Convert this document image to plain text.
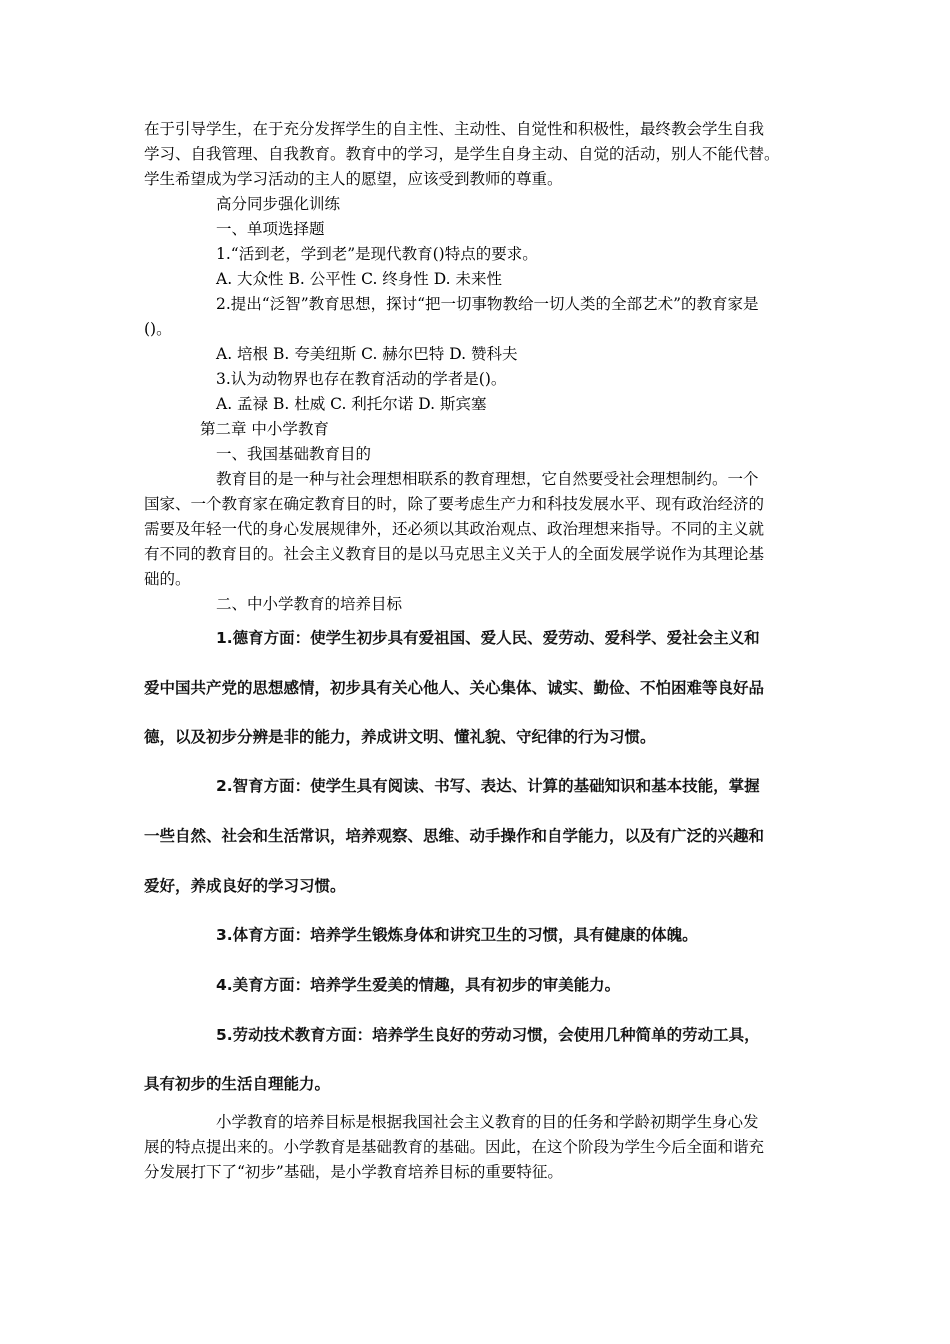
在于引导学生，在于充分发挥学生的自主性、主动性、自觉性和积极性，最终教会学生自我
学习、自我管理、自我教育。教育中的学习，是学生自身主动、自觉的活动，别人不能代替。
学生希望成为学习活动的主人的愿望，应该受到教师的尊重。
高分同步强化训练
一、单项选择题
1.“活到老，学到老”是现代教育()特点的要求。
A. 大众性 B. 公平性 C. 终身性 D. 未来性
2.提出“泛智”教育思想，探讨“把一切事物教给一切人类的全部艺术”的教育家是
()。
A. 培根 B. 夸美纽斯 C. 赫尔巴特 D. 赞科夫
3.认为动物界也存在教育活动的学者是()。
A. 孟禄 B. 杜威 C. 利托尔诺 D. 斯宾塞
第二章 中小学教育
一、我国基础教育目的
教育目的是一种与社会理想相联系的教育理想，它自然要受社会理想制约。一个
国家、一个教育家在确定教育目的时，除了要考虑生产力和科技发展水平、现有政治经济的
需要及年轻一代的身心发展规律外，还必须以其政治观点、政治理想来指导。不同的主义就
有不同的教育目的。社会主义教育目的是以马克思主义关于人的全面发展学说作为其理论基
础的。
二、中小学教育的培养目标
1.德育方面：使学生初步具有爱祖国、爱人民、爱劳动、爱科学、爱社会主义和
爱中国共产党的思想感情，初步具有关心他人、关心集体、诚实、勤俭、不怕困难等良好品
德，以及初步分辨是非的能力，养成讲文明、懂礼貌、守纪律的行为习惯。
2.智育方面：使学生具有阅读、书写、表达、计算的基础知识和基本技能，掌握
一些自然、社会和生活常识，培养观察、思维、动手操作和自学能力，以及有广泛的兴趣和
爱好，养成良好的学习习惯。
3.体育方面：培养学生锻炼身体和讲究卫生的习惯，具有健康的体魄。
4.美育方面：培养学生爱美的情趣，具有初步的审美能力。
5.劳动技术教育方面：培养学生良好的劳动习惯，会使用几种简单的劳动工具，
具有初步的生活自理能力。
小学教育的培养目标是根据我国社会主义教育的目的任务和学龄初期学生身心发
展的特点提出来的。小学教育是基础教育的基础。因此，在这个阶段为学生今后全面和谐充
分发展打下了“初步”基础，是小学教育培养目标的重要特征。
